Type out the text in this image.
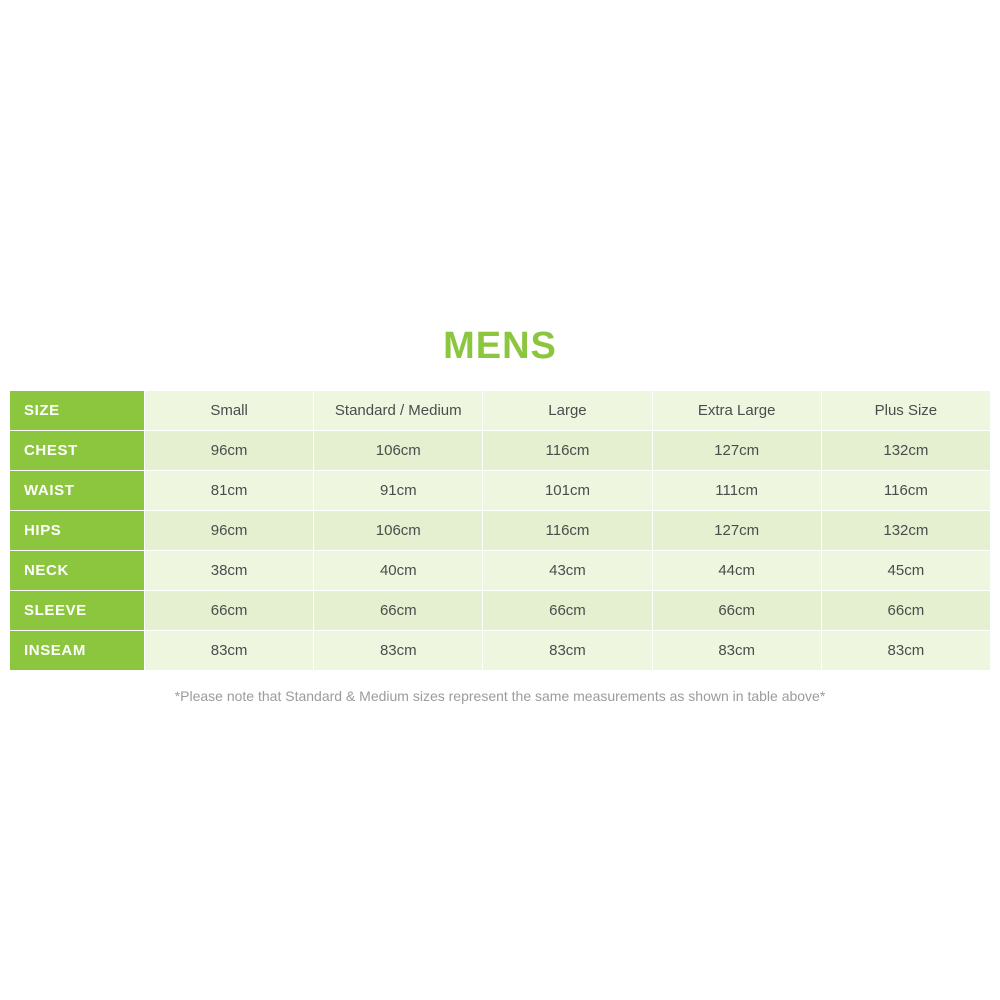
MENS
SIZE	Small	Standard / Medium	Large	Extra Large	Plus Size
CHEST	96cm	106cm	116cm	127cm	132cm
WAIST	81cm	91cm	101cm	111cm	116cm
HIPS	96cm	106cm	116cm	127cm	132cm
NECK	38cm	40cm	43cm	44cm	45cm
SLEEVE	66cm	66cm	66cm	66cm	66cm
INSEAM	83cm	83cm	83cm	83cm	83cm
*Please note that Standard & Medium sizes represent the same measurements as shown in table above*
